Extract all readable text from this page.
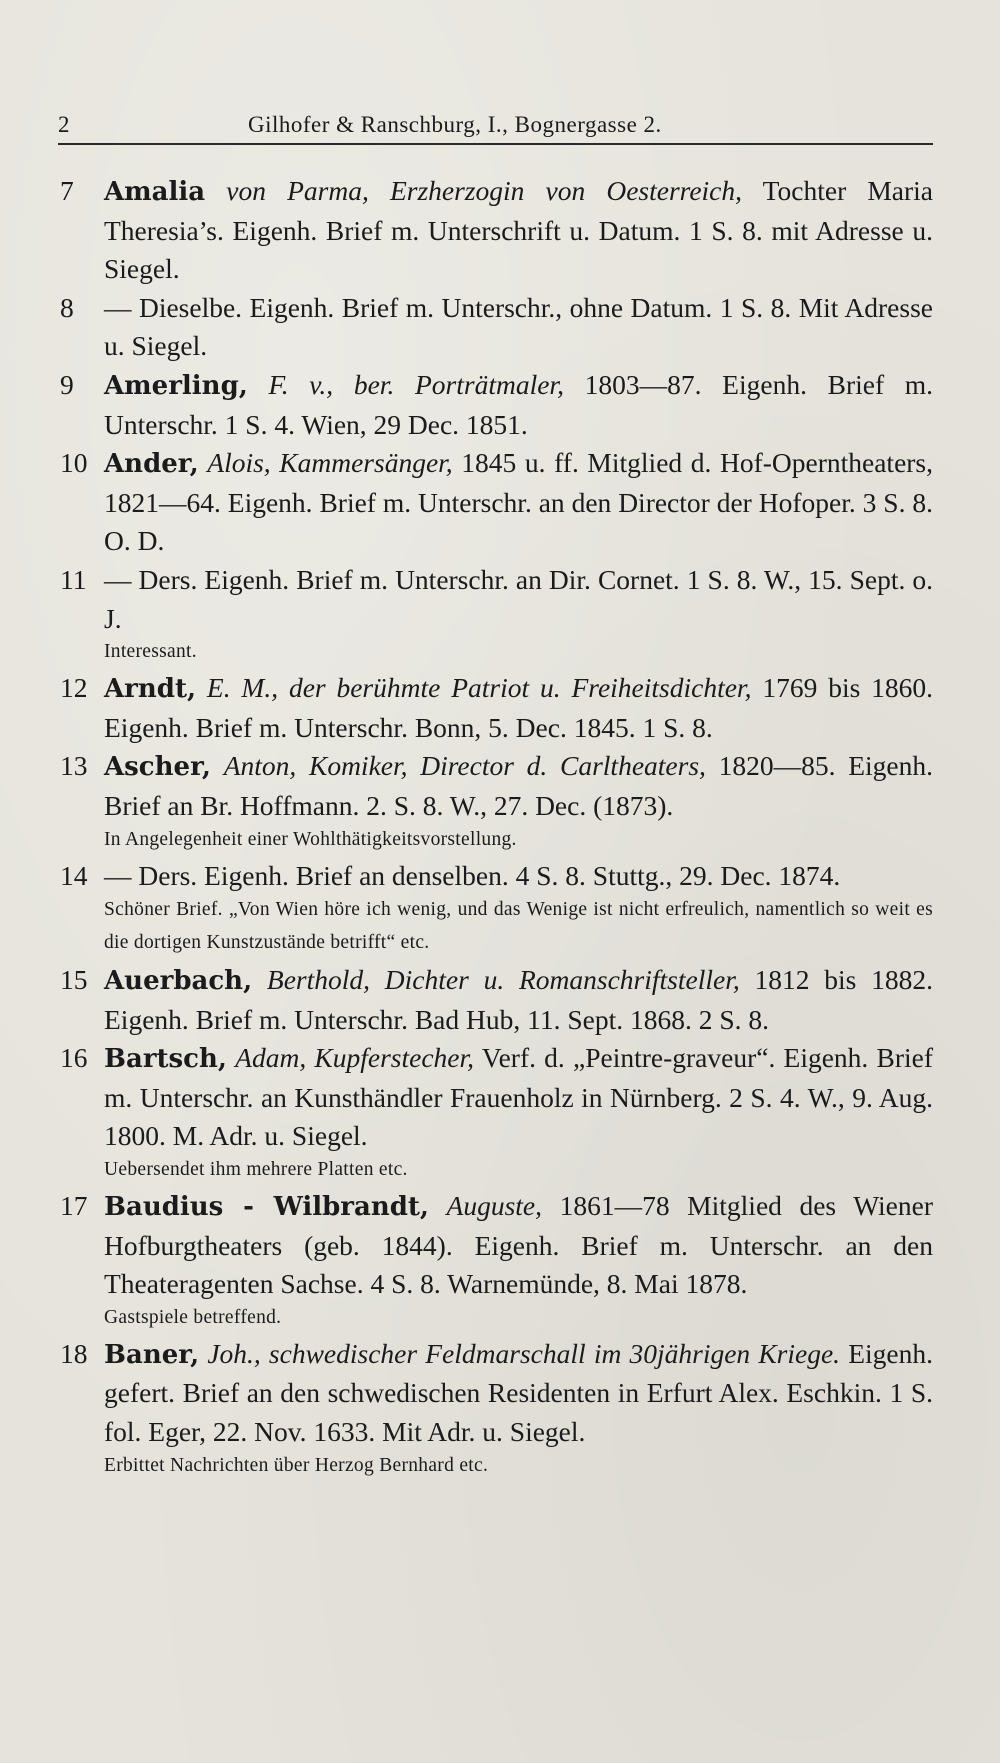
2	Gilhofer & Ranschburg, I., Bognergasse 2.
7	Amalia von Parma, Erzherzogin von Oesterreich, Tochter Maria Theresia’s. Eigenh. Brief m. Unterschrift u. Datum. 1 S. 8. mit Adresse u. Siegel.
8	— Dieselbe. Eigenh. Brief m. Unterschr., ohne Datum. 1 S. 8. Mit Adresse u. Siegel.
9	Amerling, F. v., ber. Porträtmaler, 1803—87. Eigenh. Brief m. Unterschr. 1 S. 4. Wien, 29 Dec. 1851.
10 Ander, Alois, Kammersänger, 1845 u. ff. Mitglied d. Hof-Operntheaters, 1821—64. Eigenh. Brief m. Unterschr. an den Director der Hofoper. 3 S. 8. O. D.
11 — Ders. Eigenh. Brief m. Unterschr. an Dir. Cornet. 1 S. 8. W., 15. Sept. o. J.
Interessant.
12 Arndt, E. M., der berühmte Patriot u. Freiheitsdichter, 1769 bis 1860. Eigenh. Brief m. Unterschr. Bonn, 5. Dec. 1845. 1 S. 8.
13 Ascher, Anton, Komiker, Director d. Carltheaters, 1820—85. Eigenh. Brief an Br. Hoffmann. 2. S. 8. W., 27. Dec. (1873).
In Angelegenheit einer Wohlthätigkeitsvorstellung.
14 — Ders. Eigenh. Brief an denselben. 4 S. 8. Stuttg., 29. Dec. 1874.
Schöner Brief. „Von Wien höre ich wenig, und das Wenige ist nicht erfreulich, namentlich so weit es die dortigen Kunstzustände betrifft“ etc.
15 Auerbach, Berthold, Dichter u. Romanschriftsteller, 1812 bis 1882. Eigenh. Brief m. Unterschr. Bad Hub, 11. Sept. 1868. 2 S. 8.
16 Bartsch, Adam, Kupferstecher, Verf. d. „Peintre-graveur“. Eigenh. Brief m. Unterschr. an Kunsthändler Frauenholz in Nürnberg. 2 S. 4. W., 9. Aug. 1800. M. Adr. u. Siegel.
Uebersendet ihm mehrere Platten etc.
17 Baudius - Wilbrandt, Auguste, 1861—78 Mitglied des Wiener Hofburgtheaters (geb. 1844). Eigenh. Brief m. Unterschr. an den Theateragenten Sachse. 4 S. 8. Warnemünde, 8. Mai 1878.
Gastspiele betreffend.
18 Baner, Joh., schwedischer Feldmarschall im 30jährigen Kriege. Eigenh. gefert. Brief an den schwedischen Residenten in Erfurt Alex. Eschkin. 1 S. fol. Eger, 22. Nov. 1633. Mit Adr. u. Siegel.
Erbittet Nachrichten über Herzog Bernhard etc.
